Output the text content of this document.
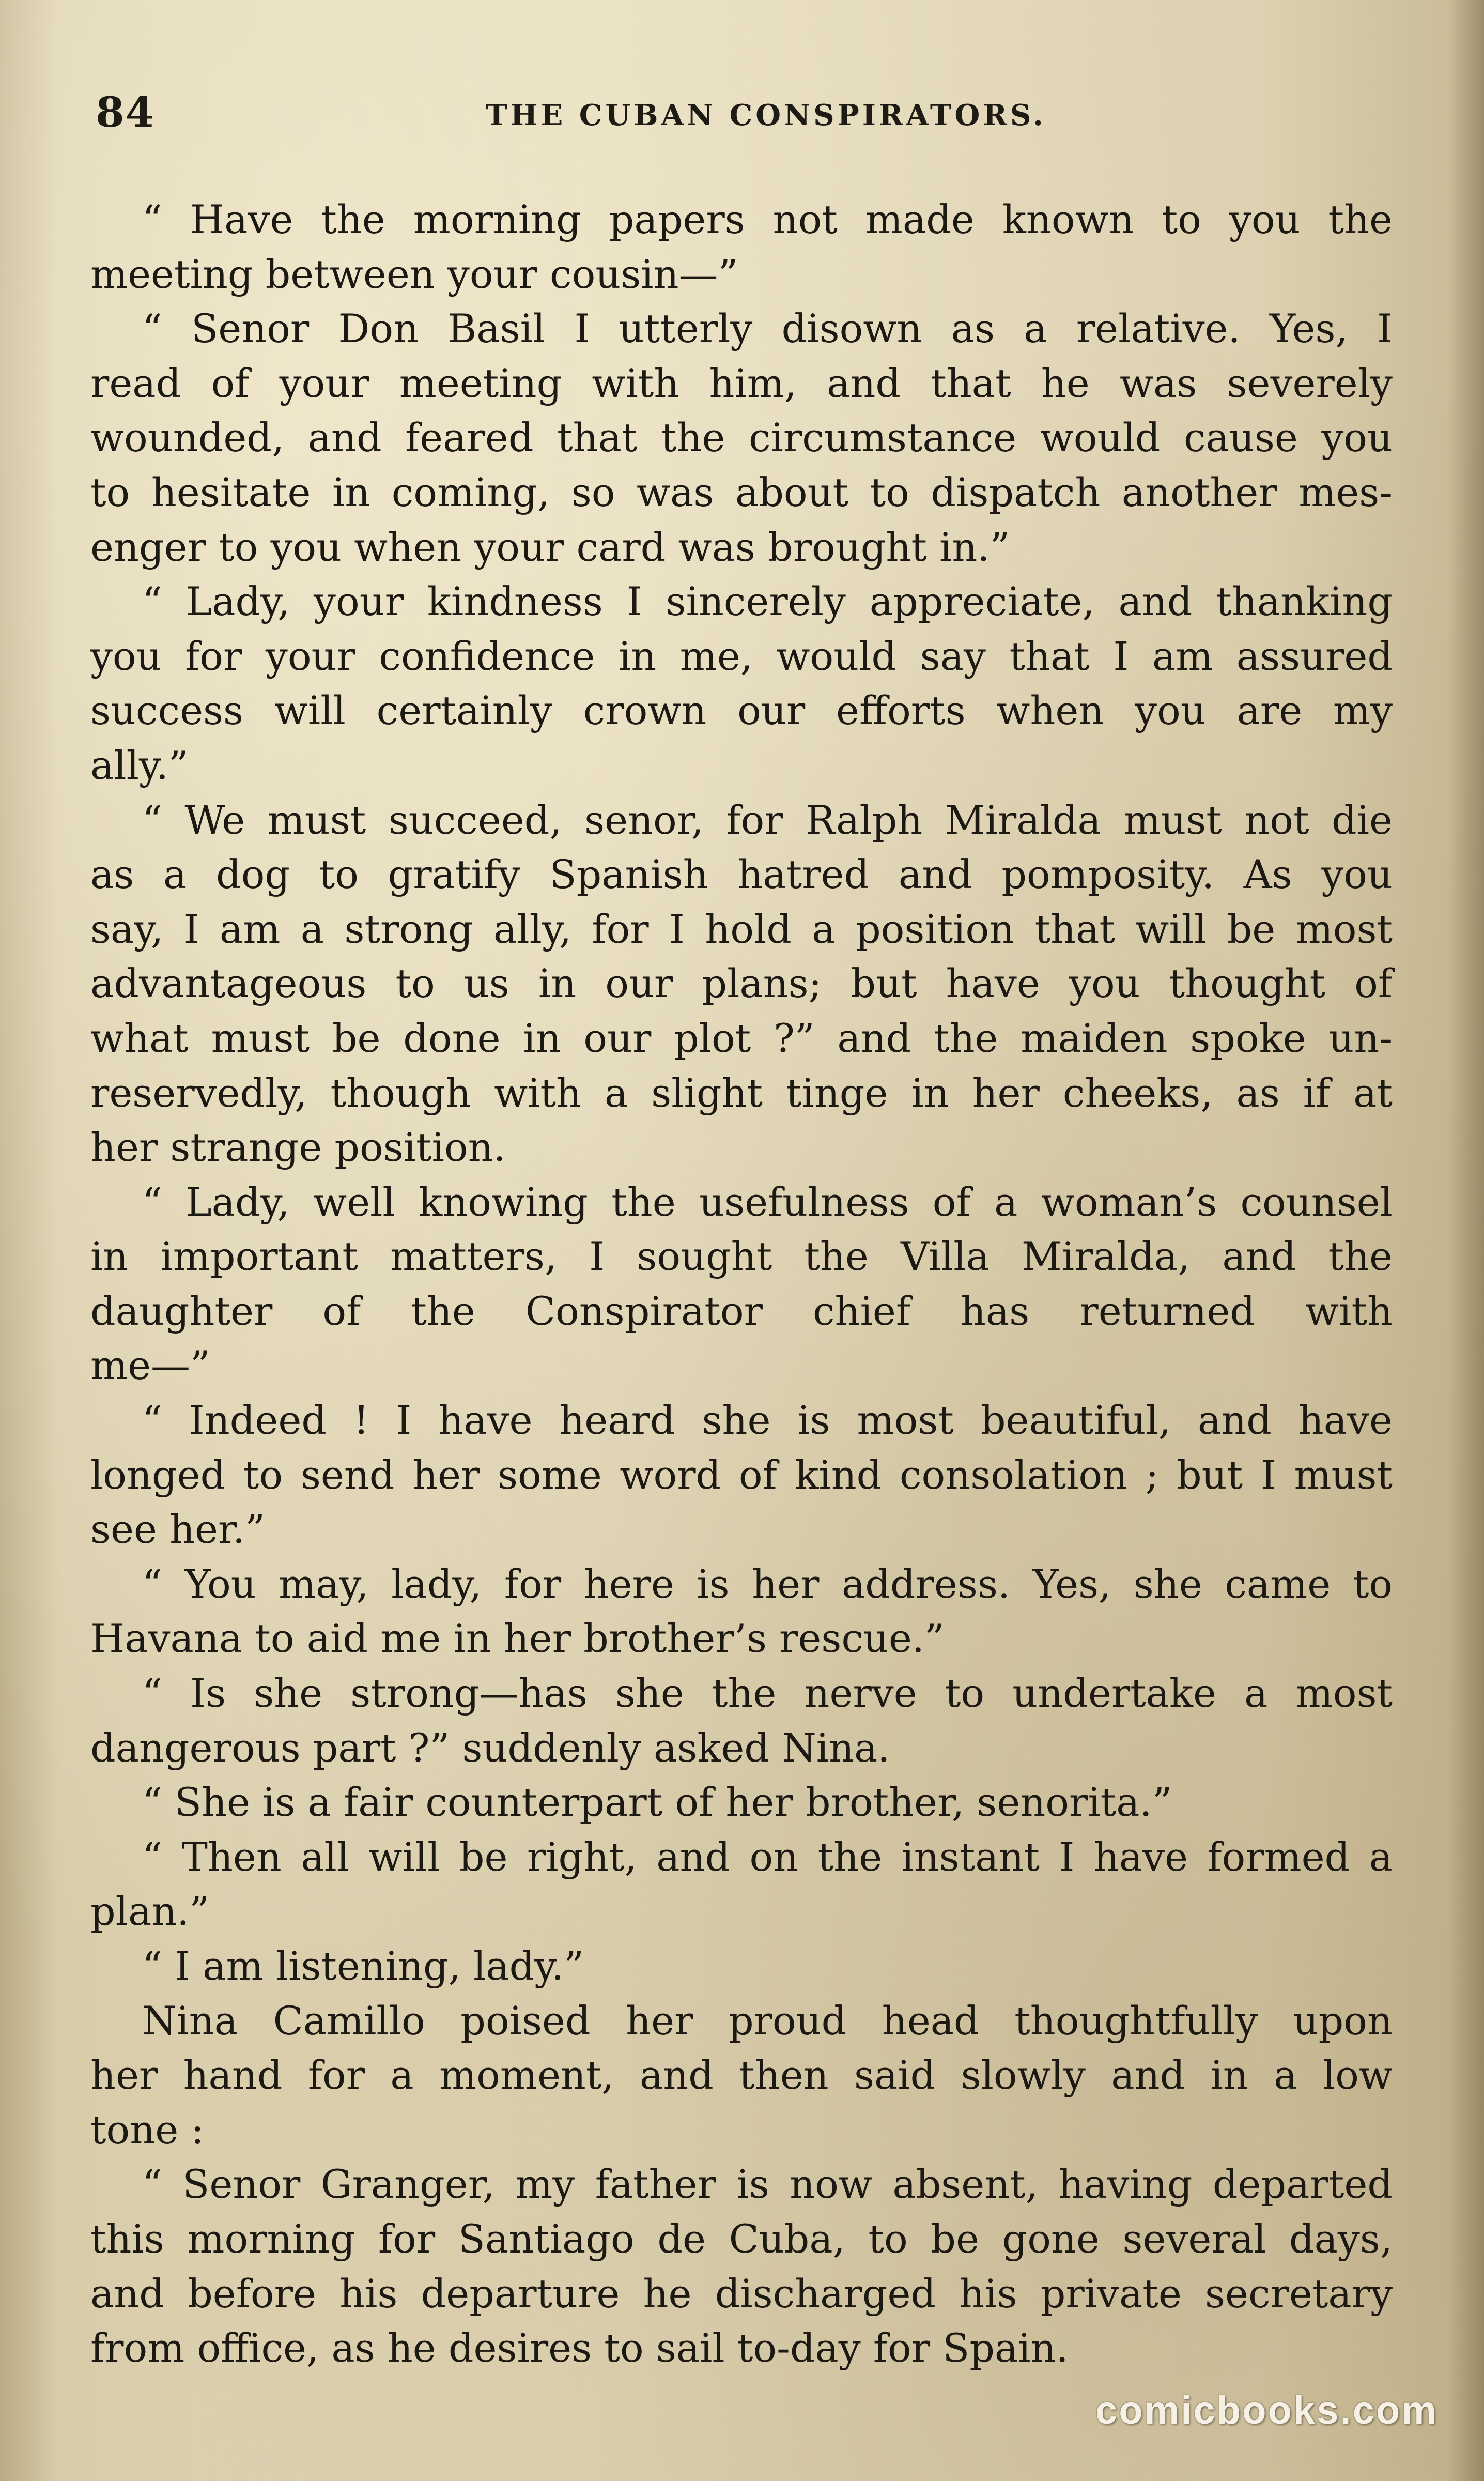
84	THE CUBAN CONSPIRATORS.
“ Have the morning papers not made known to you the
meeting between your cousin—”
“ Senor Don Basil I utterly disown as a relative. Yes, I
read of your meeting with him, and that he was severely
wounded, and feared that the circumstance would cause you
to hesitate in coming, so was about to dispatch another mes-
enger to you when your card was brought in.”
“ Lady, your kindness I sincerely appreciate, and thanking
you for your confidence in me, would say that I am assured
success will certainly crown our efforts when you are my
ally.”
“ We must succeed, senor, for Ralph Miralda must not die
as a dog to gratify Spanish hatred and pomposity. As you
say, I am a strong ally, for I hold a position that will be most
advantageous to us in our plans; but have you thought of
what must be done in our plot ?” and the maiden spoke un-
reservedly, though with a slight tinge in her cheeks, as if at
her strange position.
“ Lady, well knowing the usefulness of a woman’s counsel
in important matters, I sought the Villa Miralda, and the
daughter of the Conspirator chief has returned with
me—”
“ Indeed ! I have heard she is most beautiful, and have
longed to send her some word of kind consolation ; but I must
see her.”
“ You may, lady, for here is her address. Yes, she came to
Havana to aid me in her brother’s rescue.”
“ Is she strong—has she the nerve to undertake a most
dangerous part ?” suddenly asked Nina.
“ She is a fair counterpart of her brother, senorita.”
“ Then all will be right, and on the instant I have formed a
plan.”
“ I am listening, lady.”
Nina Camillo poised her proud head thoughtfully upon
her hand for a moment, and then said slowly and in a low
tone :
“ Senor Granger, my father is now absent, having departed
this morning for Santiago de Cuba, to be gone several days,
and before his departure he discharged his private secretary
from office, as he desires to sail to-day for Spain.
comicbooks.com
